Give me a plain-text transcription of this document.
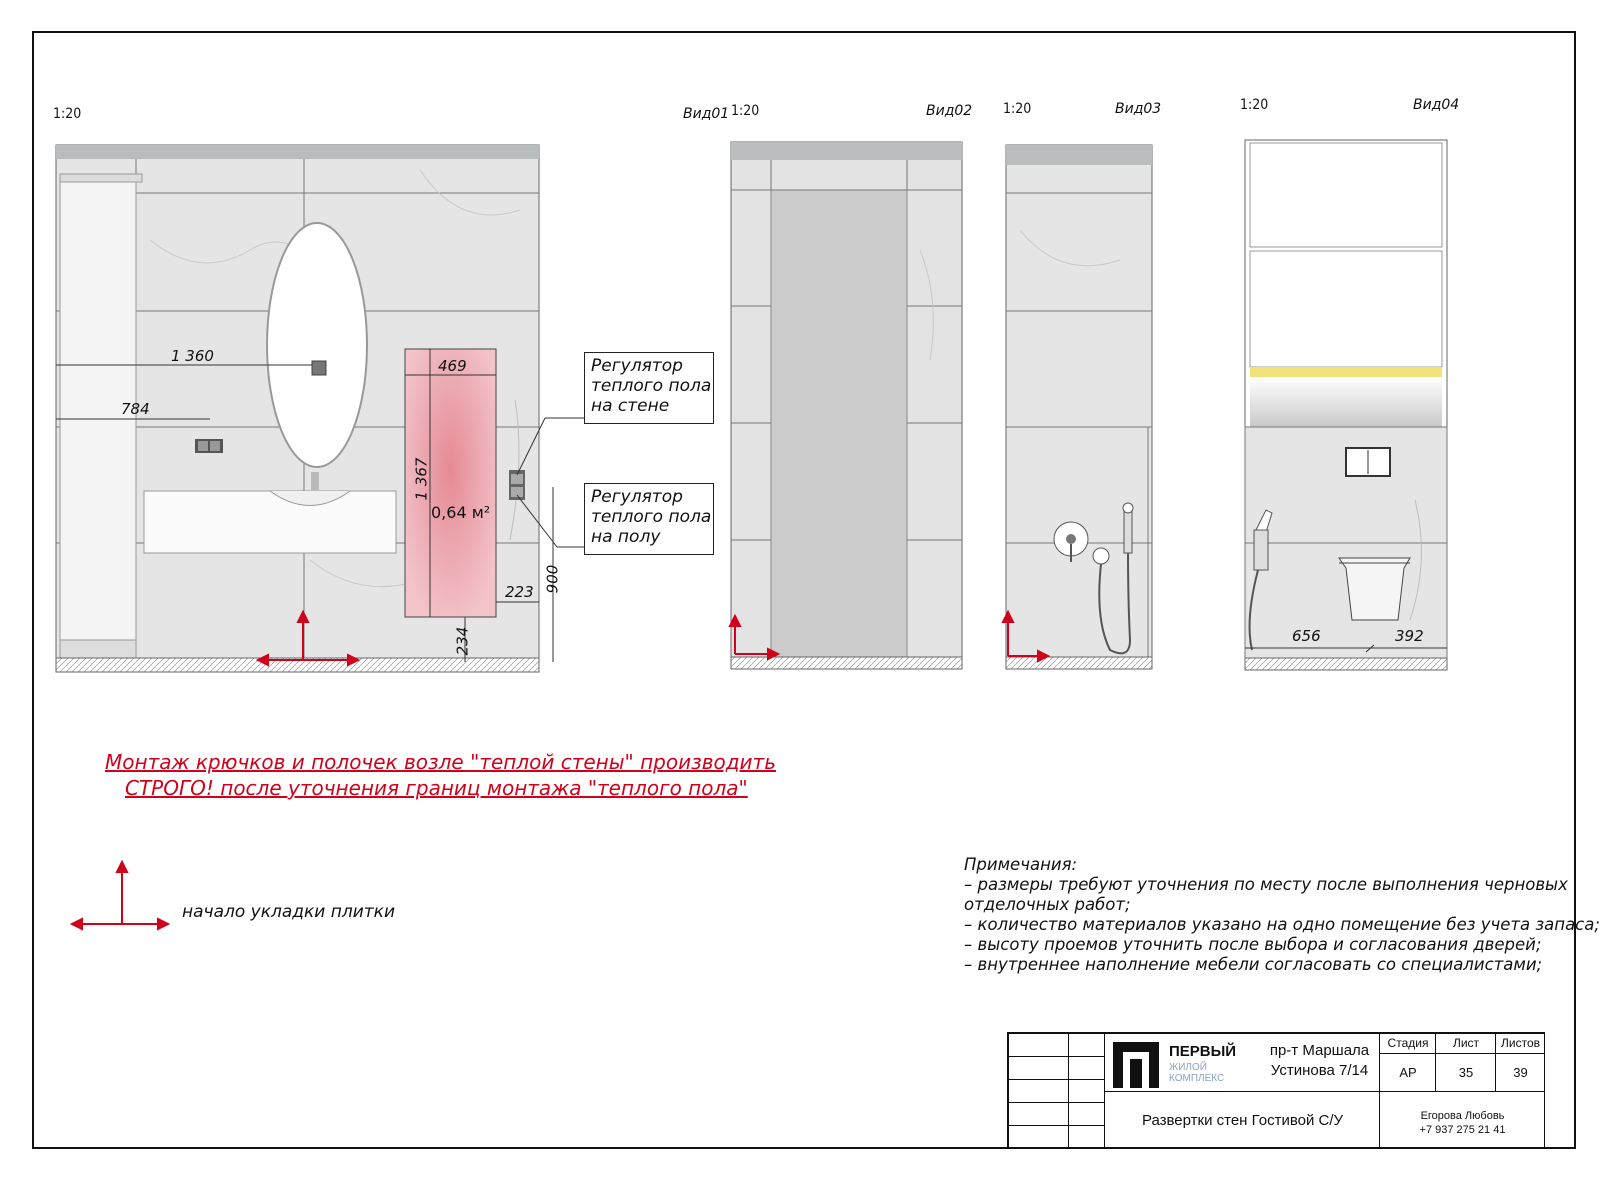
1:20	Вид01 1:20	Вид02 1:20	Вид03	1:20	Вид04
1 360
784
469
1 367
0,64 м²
223 900
234
Регулятор
теплого пола
на стене
Регулятор
теплого пола
на полу
656	392
Монтаж крючков и полочек возле "теплой стены" производить
СТРОГО! после уточнения границ монтажа "теплого пола"
начало укладки плитки
Примечания:
– размеры требуют уточнения по месту после выполнения черновых
отделочных работ;
– количество материалов указано на одно помещение без учета запаса;
– высоту проемов уточнить после выбора и согласования дверей;
– внутреннее наполнение мебели согласовать со специалистами;
ПЕРВЫЙ
ЖИЛОЙ
КОМПЛЕКС
пр-т Маршала
Устинова 7/14
Стадия	Лист	Листов
АР	35	39
Развертки стен Гостивой С/У	Егорова Любовь
+7 937 275 21 41
